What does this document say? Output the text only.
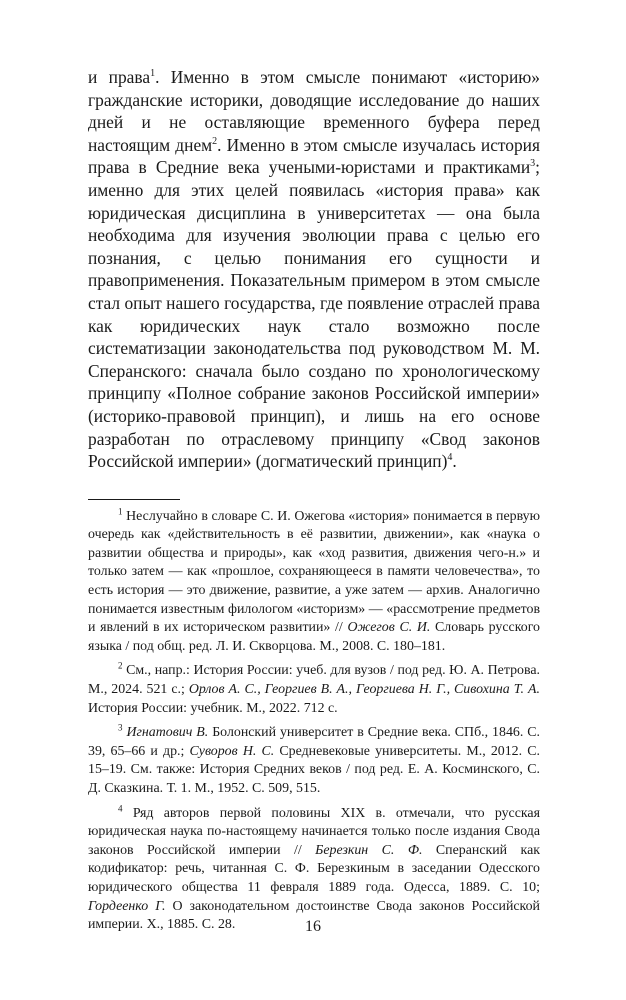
и права$^1$. Именно в этом смысле понимают «историю» гражданские историки, доводящие исследование до наших дней и не оставляющие временного буфера перед настоящим днем$^2$. Именно в этом смысле изучалась история права в Средние века учеными-юристами и практиками$^3$; именно для этих целей появилась «история права» как юридическая дисциплина в университетах — она была необходима для изучения эволюции права с целью его познания, с целью понимания его сущности и правоприменения. Показательным примером в этом смысле стал опыт нашего государства, где появление отраслей права как юридических наук стало возможно после систематизации законодательства под руководством М. М. Сперанского: сначала было создано по хронологическому принципу «Полное собрание законов Российской империи» (историко-правовой принцип), и лишь на его основе разработан по отраслевому принципу «Свод законов Российской империи» (догматический принцип)$^4$.

$^1$ Неслучайно в словаре С. И. Ожегова «история» понимается в первую очередь как «действительность в её развитии, движении», как «наука о развитии общества и природы», как «ход развития, движения чего-н.» и только затем — как «прошлое, сохраняющееся в памяти человечества», то есть история — это движение, развитие, а уже затем — архив. Аналогично понимается известным филологом «историзм» — «рассмотрение предметов и явлений в их историческом развитии» // Ожегов С. И. Словарь русского языка / под общ. ред. Л. И. Скворцова. М., 2008. С. 180–181.

$^2$ См., напр.: История России: учеб. для вузов / под ред. Ю. А. Петрова. М., 2024. 521 с.; Орлов А. С., Георгиев В. А., Георгиева Н. Г., Сивохина Т. А. История России: учебник. М., 2022. 712 с.

$^3$ Игнатович В. Болонский университет в Средние века. СПб., 1846. С. 39, 65–66 и др.; Суворов Н. С. Средневековые университеты. М., 2012. С. 15–19. См. также: История Средних веков / под ред. Е. А. Косминского, С. Д. Сказкина. Т. 1. М., 1952. С. 509, 515.

$^4$ Ряд авторов первой половины XIX в. отмечали, что русская юридическая наука по-настоящему начинается только после издания Свода законов Российской империи // Березкин С. Ф. Сперанский как кодификатор: речь, читанная С. Ф. Березкиным в заседании Одесского юридического общества 11 февраля 1889 года. Одесса, 1889. С. 10; Гордеенко Г. О законодательном достоинстве Свода законов Российской империи. Х., 1885. С. 28.	16
